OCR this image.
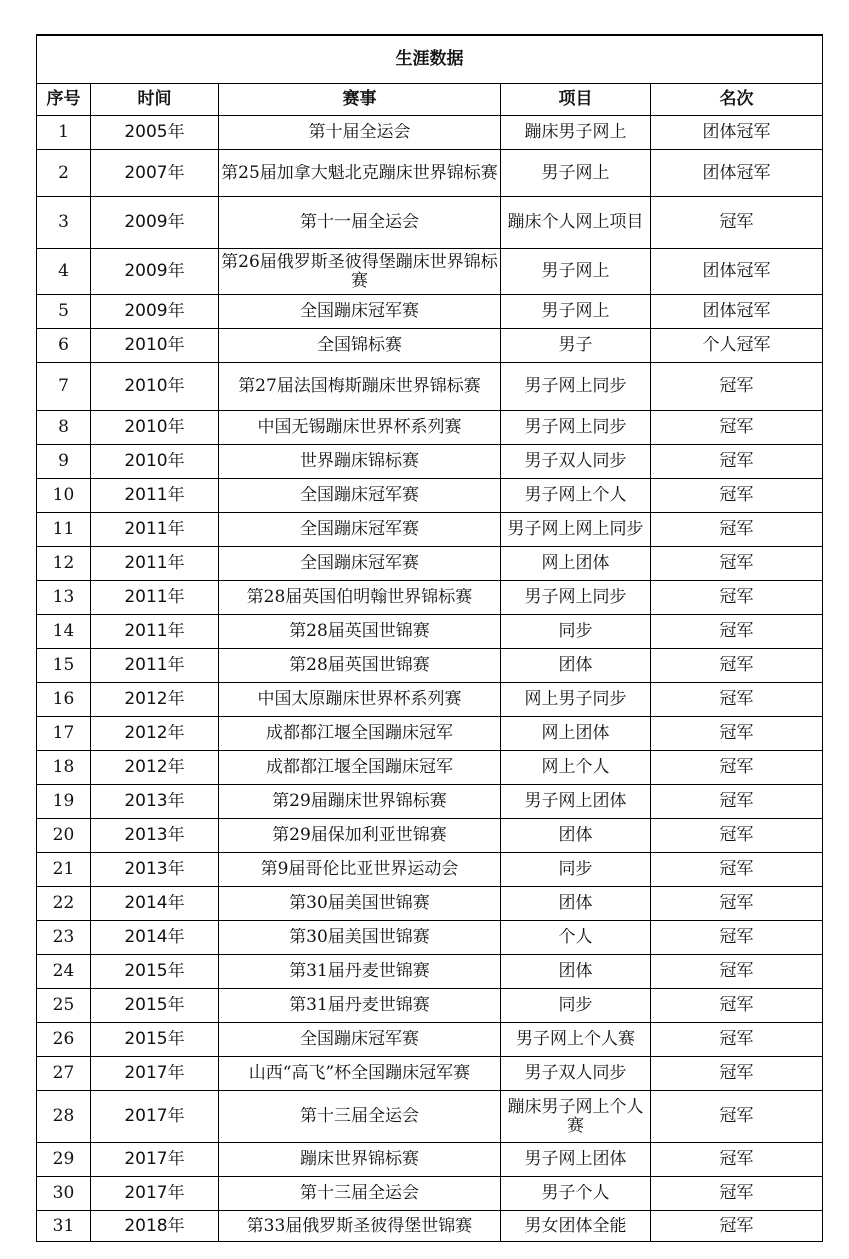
生涯数据				
序号	时间	赛事	项目	名次

1	2005年	第十届全运会	蹦床男子网上	团体冠军

2	2007年	第25届加拿大魁北克蹦床世界锦标赛	男子网上	团体冠军

3	2009年	第十一届全运会	蹦床个人网上项目	冠军

4	2009年	第26届俄罗斯圣彼得堡蹦床世界锦标赛	男子网上	团体冠军

5	2009年	全国蹦床冠军赛	男子网上	团体冠军

6	2010年	全国锦标赛	男子	个人冠军

7	2010年	第27届法国梅斯蹦床世界锦标赛	男子网上同步	冠军

8	2010年	中国无锡蹦床世界杯系列赛	男子网上同步	冠军

9	2010年	世界蹦床锦标赛	男子双人同步	冠军

10	2011年	全国蹦床冠军赛	男子网上个人	冠军

11	2011年	全国蹦床冠军赛	男子网上网上同步	冠军

12	2011年	全国蹦床冠军赛	网上团体	冠军

13	2011年	第28届英国伯明翰世界锦标赛	男子网上同步	冠军

14	2011年	第28届英国世锦赛	同步	冠军

15	2011年	第28届英国世锦赛	团体	冠军

16	2012年	中国太原蹦床世界杯系列赛	网上男子同步	冠军

17	2012年	成都都江堰全国蹦床冠军	网上团体	冠军

18	2012年	成都都江堰全国蹦床冠军	网上个人	冠军

19	2013年	第29届蹦床世界锦标赛	男子网上团体	冠军

20	2013年	第29届保加利亚世锦赛	团体	冠军

21	2013年	第9届哥伦比亚世界运动会	同步	冠军

22	2014年	第30届美国世锦赛	团体	冠军

23	2014年	第30届美国世锦赛	个人	冠军

24	2015年	第31届丹麦世锦赛	团体	冠军

25	2015年	第31届丹麦世锦赛	同步	冠军

26	2015年	全国蹦床冠军赛	男子网上个人赛	冠军

27	2017年	山西“高飞”杯全国蹦床冠军赛	男子双人同步	冠军

28	2017年	第十三届全运会	蹦床男子网上个人赛	冠军

29	2017年	蹦床世界锦标赛	男子网上团体	冠军

30	2017年	第十三届全运会	男子个人	冠军

31	2018年	第33届俄罗斯圣彼得堡世锦赛	男女团体全能	冠军
